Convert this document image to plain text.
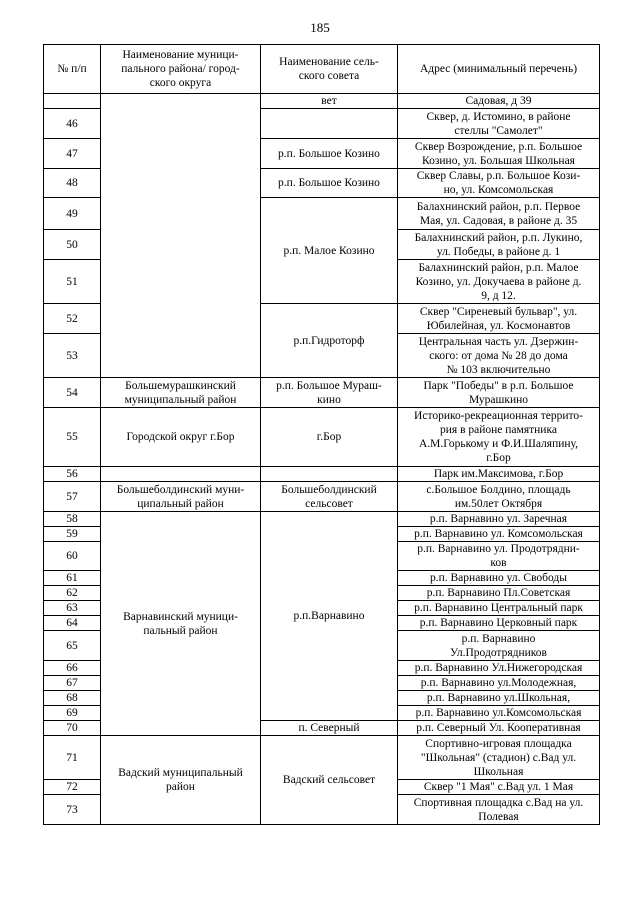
185
№ п/п	Наименование муници-
пального района/ город-
ского округа	Наименование сель-
ского совета	Адрес (минимальный перечень)
		вет	Садовая, д 39
46			Сквер, д. Истомино, в районе
стеллы "Самолет"
47		р.п. Большое Козино	Сквер Возрождение, р.п. Большое
Козино, ул. Большая Школьная
48		р.п. Большое Козино	Сквер Славы, р.п. Большое Кози-
но, ул. Комсомольская
49		р.п. Малое Козино	Балахнинский район, р.п. Первое
Мая, ул. Садовая, в районе д. 35
50			Балахнинский район, р.п. Лукино,
ул. Победы, в районе д. 1
51			Балахнинский район, р.п. Малое
Козино, ул. Докучаева в районе д.
9, д 12.
52		р.п.Гидроторф	Сквер "Сиреневый бульвар", ул.
Юбилейная, ул. Космонавтов
53			Центральная часть ул. Дзержин-
ского: от дома № 28 до дома
№ 103 включительно
54	Большемурашкинский
муниципальный район	р.п. Большое Мураш-
кино	Парк "Победы" в р.п. Большое
Мурашкино
55	Городской округ г.Бор	г.Бор	Историко-рекреационная террито-
рия в районе памятника
А.М.Горькому и Ф.И.Шаляпину,
г.Бор
56			Парк им.Максимова, г.Бор
57	Большеболдинский муни-
ципальный район	Большеболдинский
сельсовет	с.Большое Болдино, площадь
им.50лет Октября
58	Варнавинский муници-
пальный район	р.п.Варнавино	р.п. Варнавино ул. Заречная
59			р.п. Варнавино ул. Комсомольская
60			р.п. Варнавино ул. Продотрядни-
ков
61			р.п. Варнавино ул. Свободы
62			р.п. Варнавино Пл.Советская
63			р.п. Варнавино Центральный парк
64			р.п. Варнавино Церковный парк
65			р.п. Варнавино
Ул.Продотрядников
66			р.п. Варнавино Ул.Нижегородская
67			р.п. Варнавино ул.Молодежная,
68			р.п. Варнавино ул.Школьная,
69			р.п. Варнавино ул.Комсомольская
70		п. Северный	р.п. Северный Ул. Кооперативная
71	Вадский муниципальный
район	Вадский сельсовет	Спортивно-игровая площадка
"Школьная" (стадион) с.Вад ул.
Школьная
72			Сквер "1 Мая" с.Вад ул. 1 Мая
73			Спортивная площадка с.Вад на ул.
Полевая
